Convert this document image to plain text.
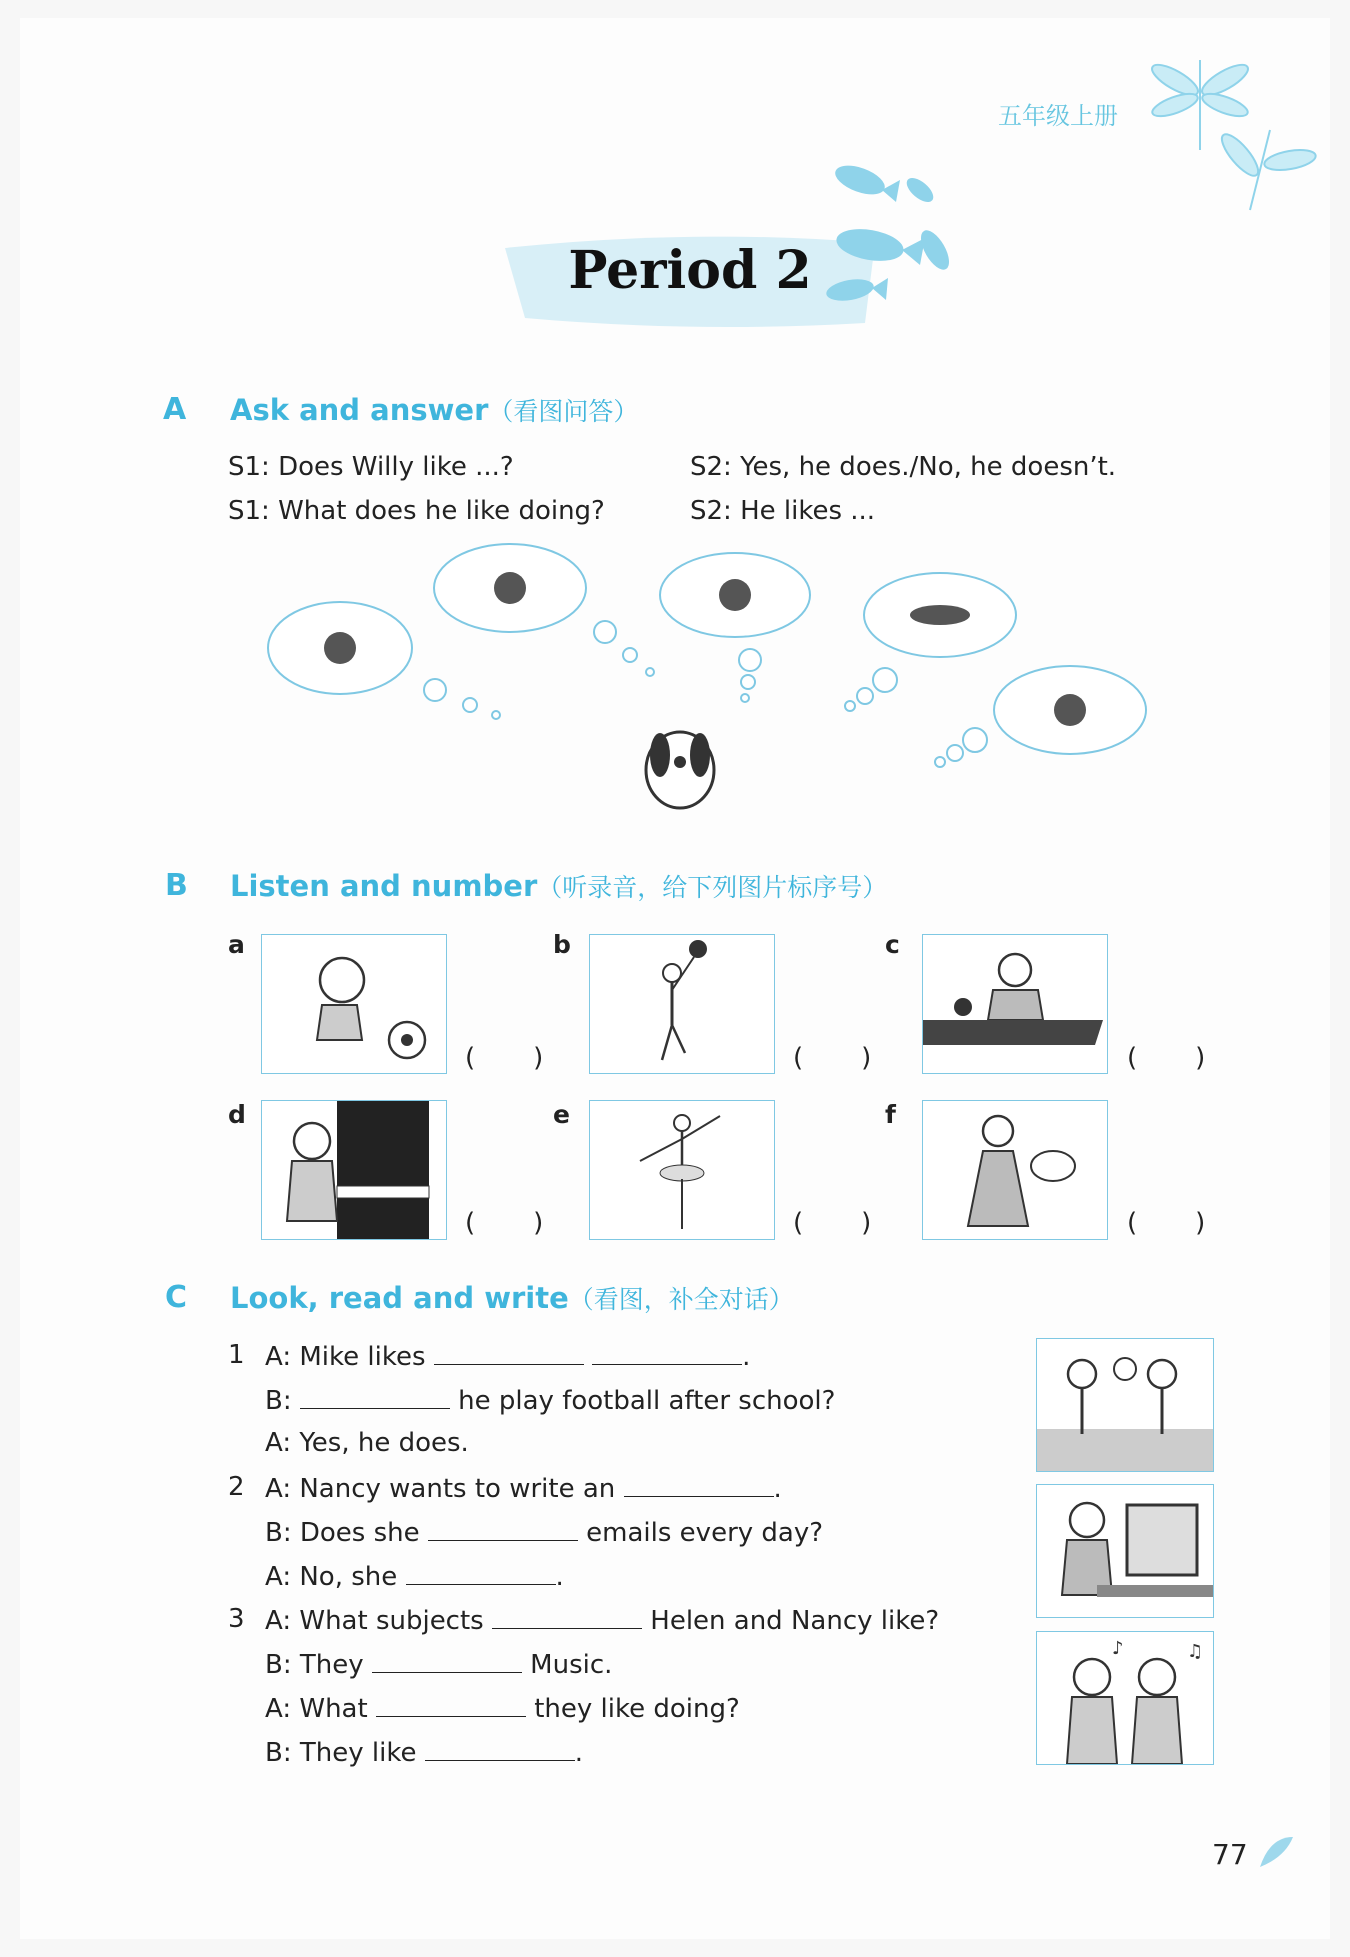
五年级上册
Period 2
A Ask and answer（看图问答）
S1: Does Willy like ...?	S2: Yes, he does./No, he doesn’t.
S1: What does he like doing?	S2: He likes ...
B Listen and number（听录音，给下列图片标序号）
a
( )
b
( )
c
( )
d
( )
e
( )
f
( )
C Look, read and write（看图，补全对话）
1 A: Mike likes	.
B:	he play football after school?
A: Yes, he does.
2 A: Nancy wants to write an	.
B: Does she	emails every day?
A: No, she	.
3 A: What subjects	Helen and Nancy like?
B: They	Music.
A: What	they like doing?
B: They like	.
♪	♫
77
